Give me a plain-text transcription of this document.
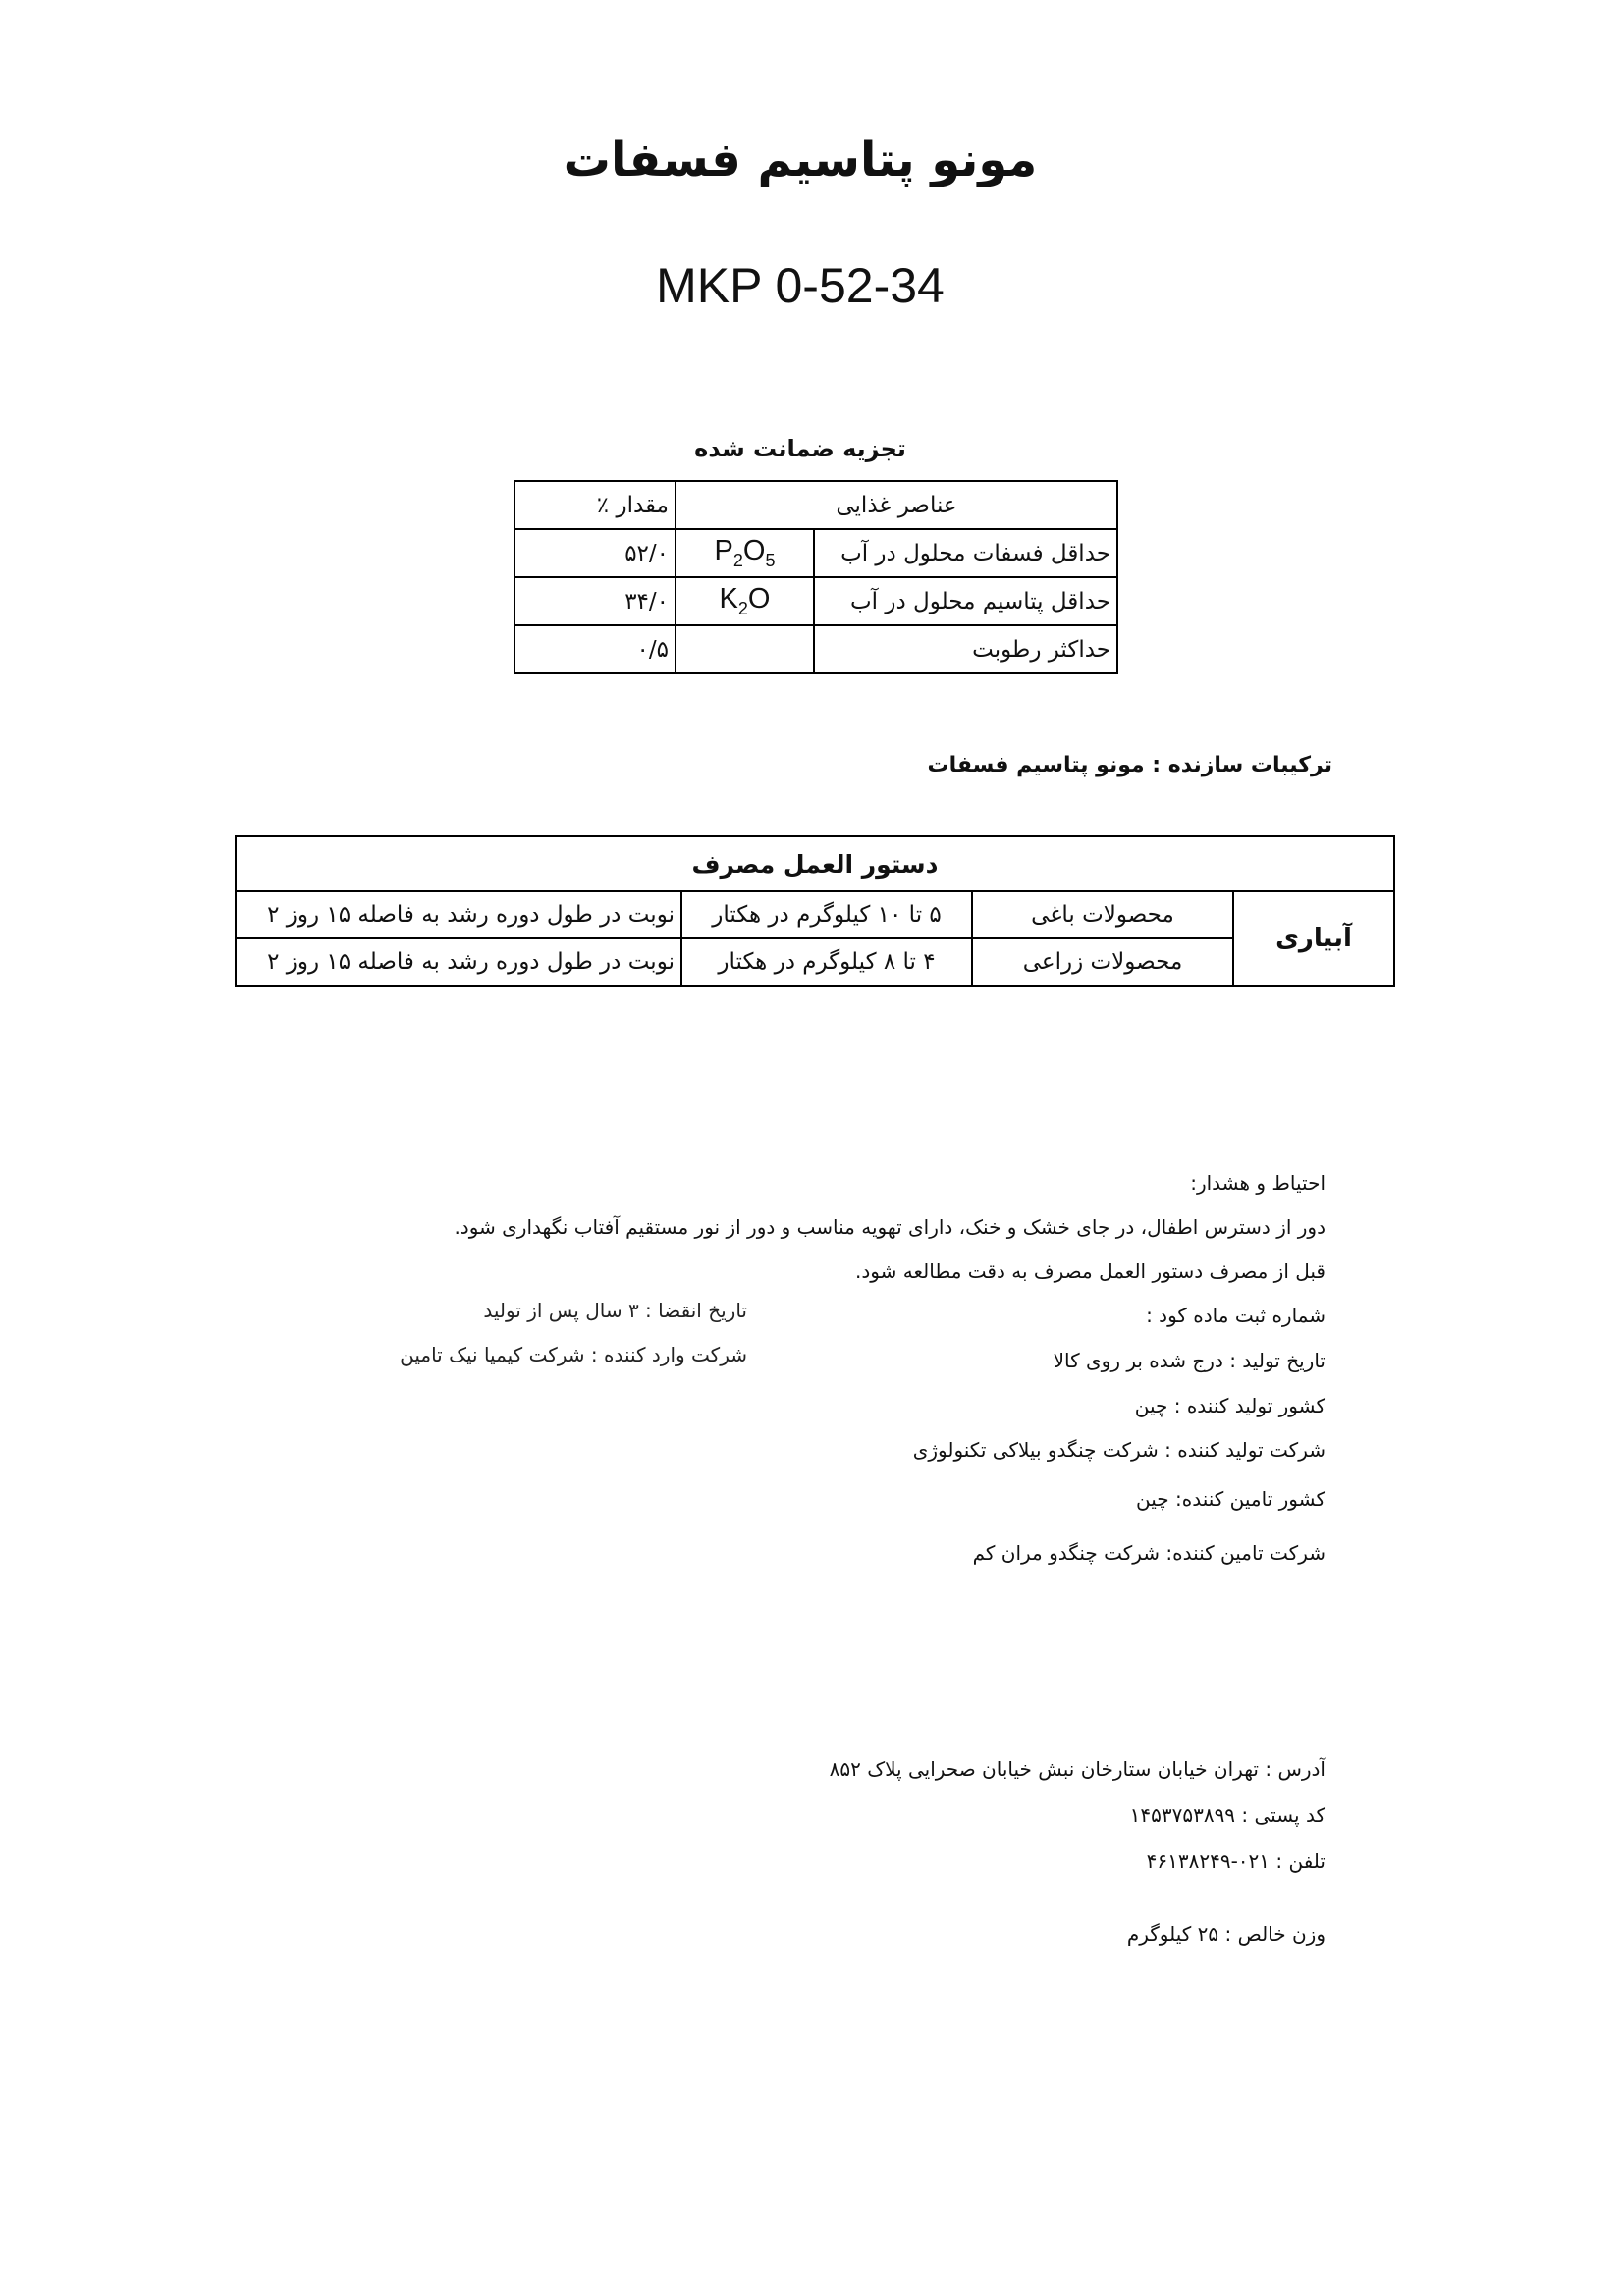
مونو پتاسیم فسفات
MKP 0-52-34
تجزیه ضمانت شده
عناصر غذایی		مقدار ٪
حداقل فسفات محلول در آب	$P_2O_5$	۵۲/۰
حداقل پتاسیم محلول در آب	$K_2O$	۳۴/۰
حداکثر رطوبت		۰/۵
ترکیبات سازنده : مونو پتاسیم فسفات
دستور العمل مصرف			
آبیاری	محصولات باغی	۵ تا ۱۰ کیلوگرم در هکتار	نوبت در طول دوره رشد به فاصله ۱۵ روز ۲
	محصولات زراعی	۴ تا ۸ کیلوگرم در هکتار	نوبت در طول دوره رشد به فاصله ۱۵ روز ۲
احتیاط و هشدار:
دور از دسترس اطفال، در جای خشک و خنک، دارای تهویه مناسب و دور از نور مستقیم آفتاب نگهداری شود.
قبل از مصرف دستور العمل مصرف به دقت مطالعه شود.
شماره ثبت ماده کود :
تاریخ تولید : درج شده بر روی کالا
کشور تولید کننده : چین
شرکت تولید کننده : شرکت چنگدو بیلاکی تکنولوژی
کشور تامین کننده: چین
شرکت تامین کننده: شرکت چنگدو مران کم
تاریخ انقضا : ۳ سال پس از تولید
شرکت وارد کننده : شرکت کیمیا نیک تامین
آدرس : تهران خیابان ستارخان نبش خیابان صحرایی پلاک ۸۵۲
کد پستی : ۱۴۵۳۷۵۳۸۹۹
تلفن : ۰۲۱-۴۶۱۳۸۲۴۹
وزن خالص : ۲۵ کیلوگرم
